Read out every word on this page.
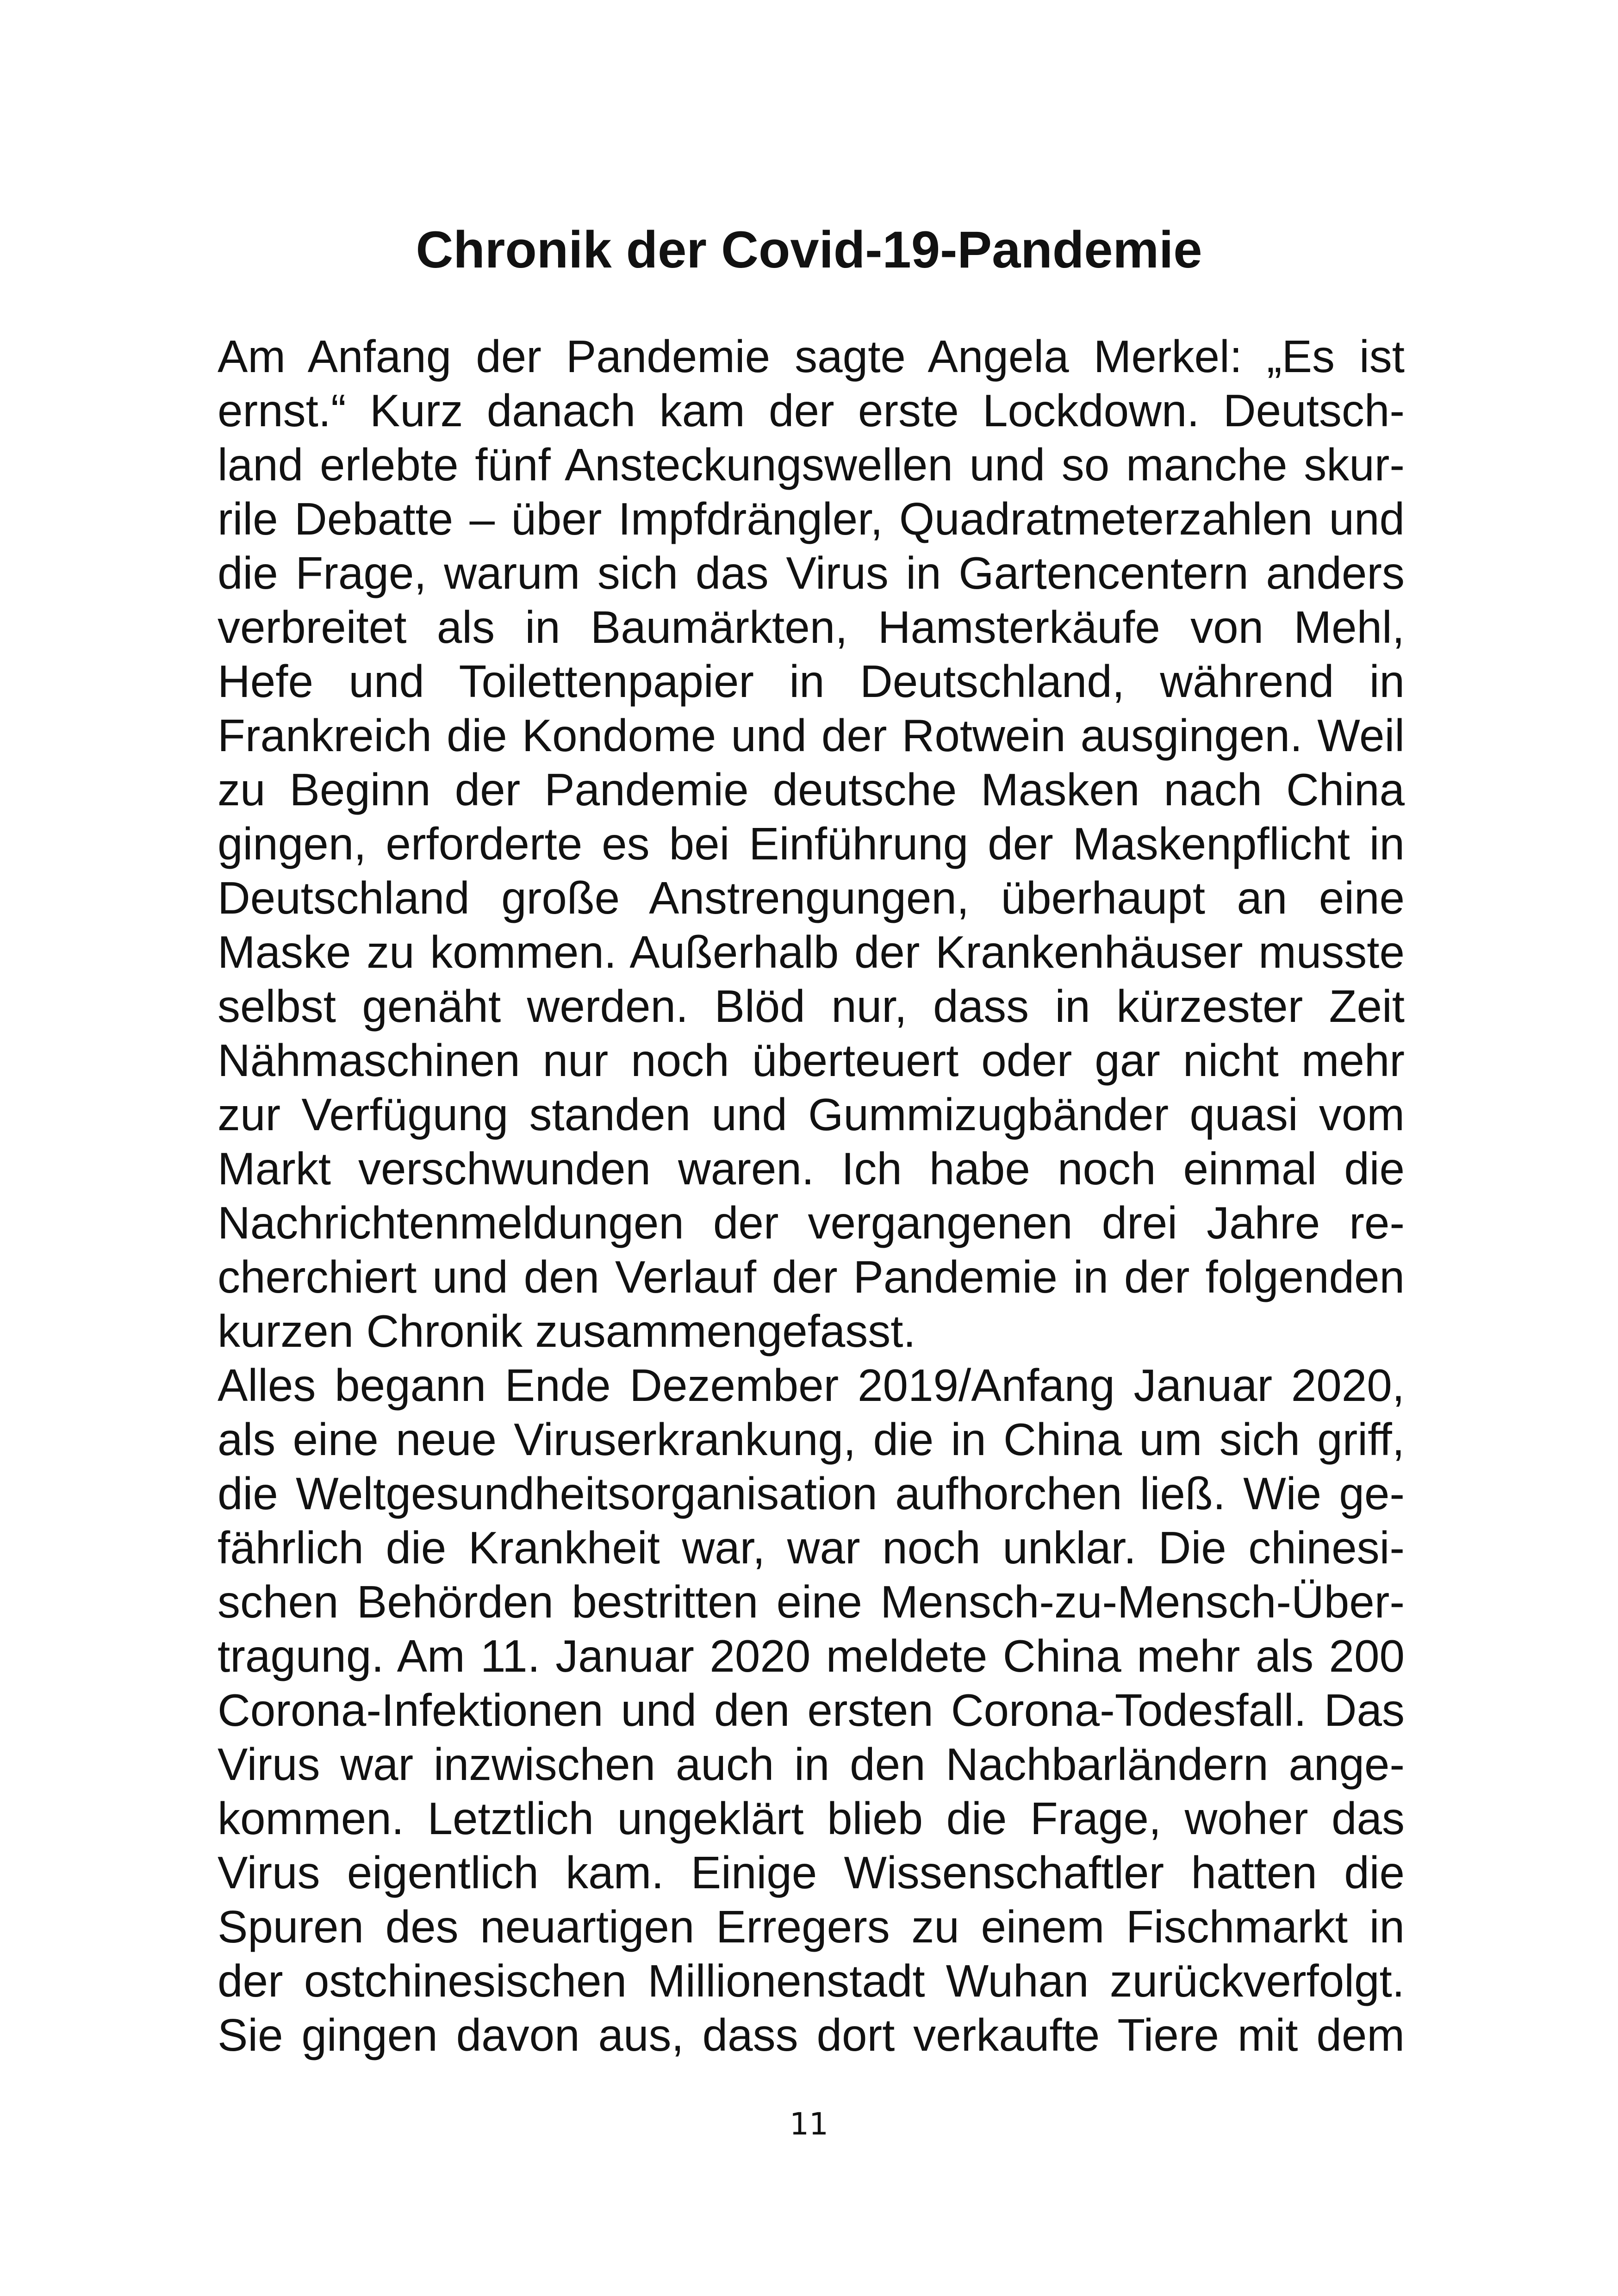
Chronik der Covid-19-Pandemie
Am Anfang der Pandemie sagte Angela Merkel: „Es ist
ernst.“ Kurz danach kam der erste Lockdown. Deutsch-
land erlebte fünf Ansteckungswellen und so manche skur-
rile Debatte – über Impfdrängler, Quadratmeterzahlen und
die Frage, warum sich das Virus in Gartencentern anders
verbreitet als in Baumärkten, Hamsterkäufe von Mehl,
Hefe und Toilettenpapier in Deutschland, während in
Frankreich die Kondome und der Rotwein ausgingen. Weil
zu Beginn der Pandemie deutsche Masken nach China
gingen, erforderte es bei Einführung der Maskenpflicht in
Deutschland große Anstrengungen, überhaupt an eine
Maske zu kommen. Außerhalb der Krankenhäuser musste
selbst genäht werden. Blöd nur, dass in kürzester Zeit
Nähmaschinen nur noch überteuert oder gar nicht mehr
zur Verfügung standen und Gummizugbänder quasi vom
Markt verschwunden waren. Ich habe noch einmal die
Nachrichtenmeldungen der vergangenen drei Jahre re-
cherchiert und den Verlauf der Pandemie in der folgenden
kurzen Chronik zusammengefasst.
Alles begann Ende Dezember 2019/Anfang Januar 2020,
als eine neue Viruserkrankung, die in China um sich griff,
die Weltgesundheitsorganisation aufhorchen ließ. Wie ge-
fährlich die Krankheit war, war noch unklar. Die chinesi-
schen Behörden bestritten eine Mensch-zu-Mensch-Über-
tragung. Am 11. Januar 2020 meldete China mehr als 200
Corona-Infektionen und den ersten Corona-Todesfall. Das
Virus war inzwischen auch in den Nachbarländern ange-
kommen. Letztlich ungeklärt blieb die Frage, woher das
Virus eigentlich kam. Einige Wissenschaftler hatten die
Spuren des neuartigen Erregers zu einem Fischmarkt in
der ostchinesischen Millionenstadt Wuhan zurückverfolgt.
Sie gingen davon aus, dass dort verkaufte Tiere mit dem
11
